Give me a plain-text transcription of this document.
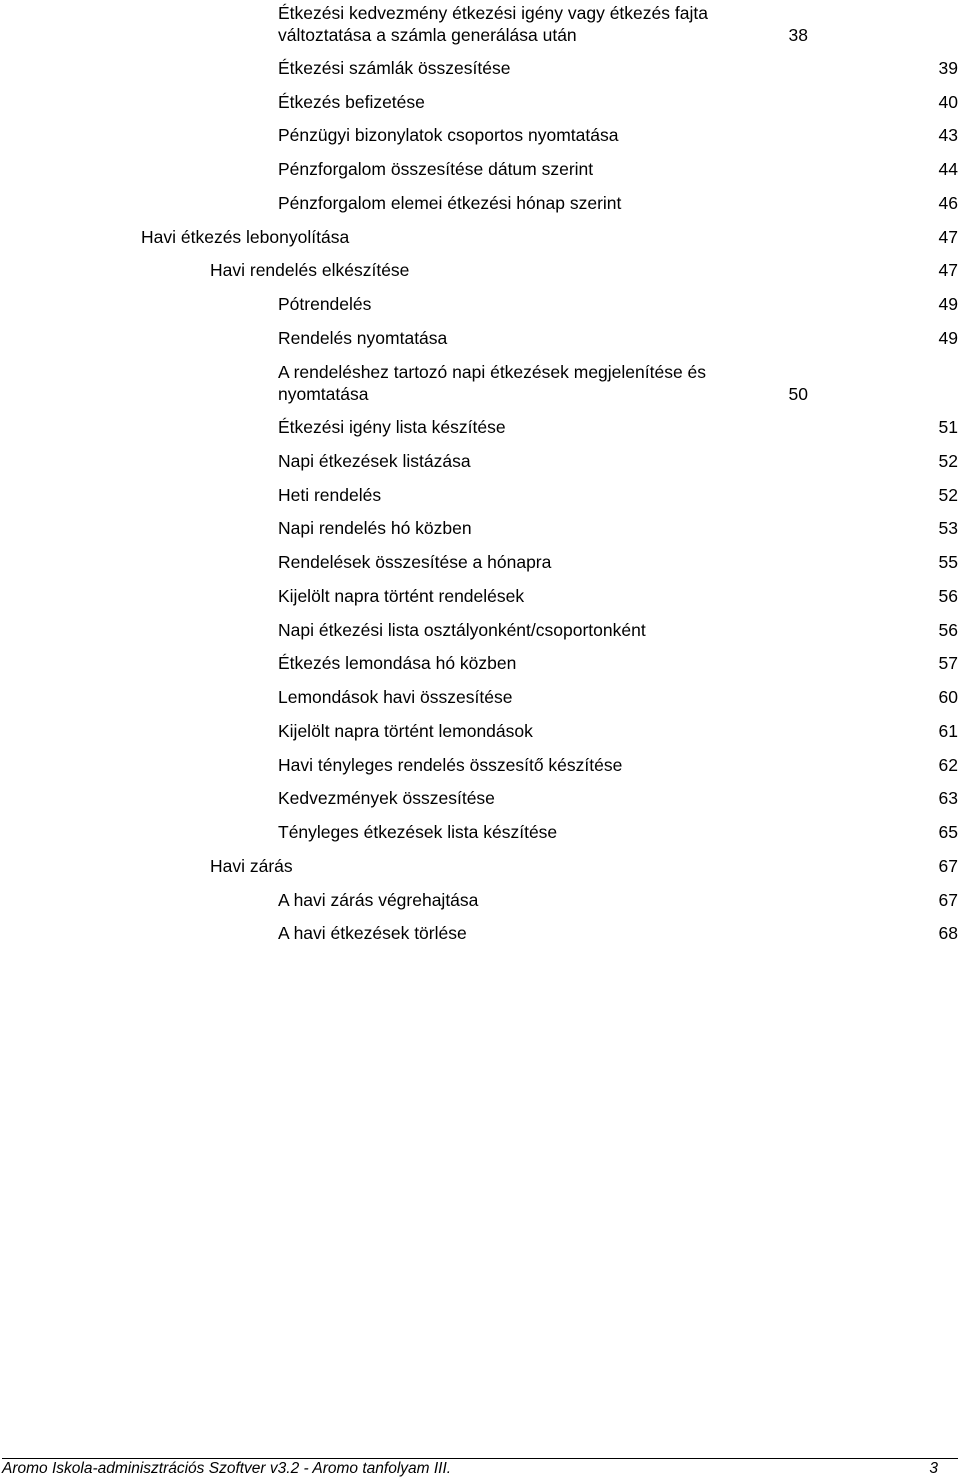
Étkezési kedvezmény étkezési igény vagy étkezés fajta változtatása a számla generálása után	38
Étkezési számlák összesítése	39
Étkezés befizetése	40
Pénzügyi bizonylatok csoportos nyomtatása	43
Pénzforgalom összesítése dátum szerint	44
Pénzforgalom elemei étkezési hónap szerint	46
Havi étkezés lebonyolítása	47
Havi rendelés elkészítése	47
Pótrendelés	49
Rendelés nyomtatása	49
A rendeléshez tartozó napi étkezések megjelenítése és nyomtatása	50
Étkezési igény lista készítése	51
Napi étkezések listázása	52
Heti rendelés	52
Napi rendelés hó közben	53
Rendelések összesítése a hónapra	55
Kijelölt napra történt rendelések	56
Napi étkezési lista osztályonként/csoportonként	56
Étkezés lemondása hó közben	57
Lemondások havi összesítése	60
Kijelölt napra történt lemondások	61
Havi tényleges rendelés összesítő készítése	62
Kedvezmények összesítése	63
Tényleges étkezések lista készítése	65
Havi zárás	67
A havi zárás végrehajtása	67
A havi étkezések törlése	68
Aromo Iskola-adminisztrációs Szoftver v3.2 - Aromo tanfolyam III.	3
